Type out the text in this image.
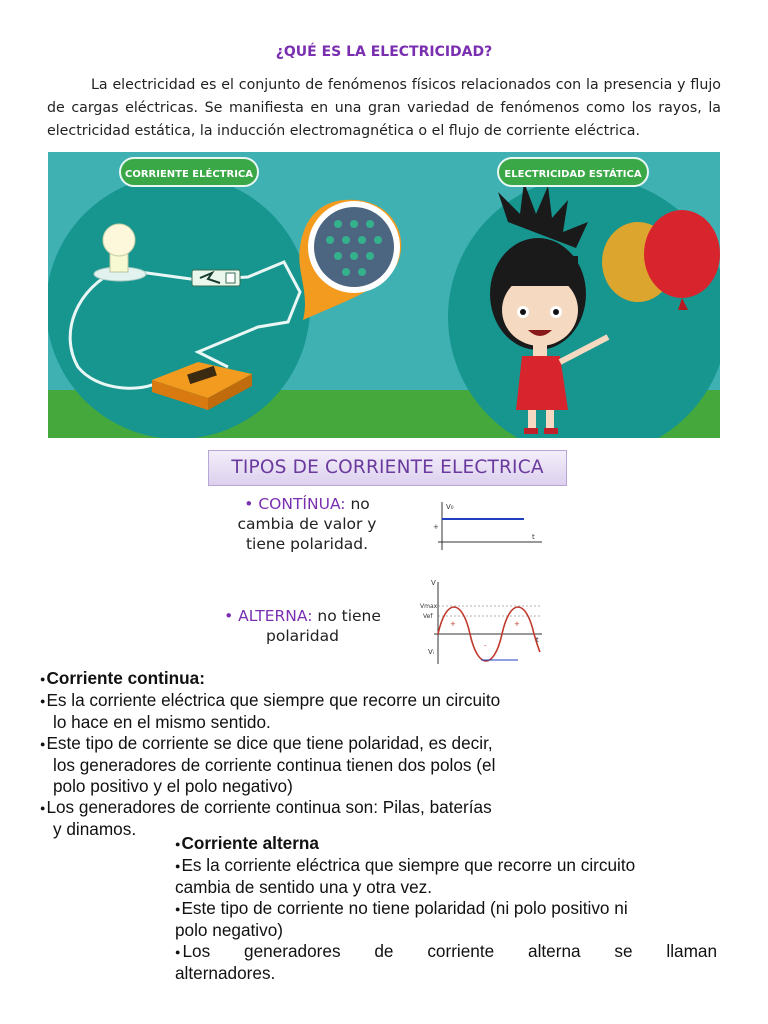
¿QUÉ ES LA ELECTRICIDAD?
La electricidad es el conjunto de fenómenos físicos relacionados con la presencia y flujo de cargas eléctricas. Se manifiesta en una gran variedad de fenómenos como los rayos, la electricidad estática, la inducción electromagnética o el flujo de corriente eléctrica.
CORRIENTE ELÉCTRICA	ELECTRICIDAD ESTÁTICA
TIPOS DE CORRIENTE ELECTRICA
• CONTÍNUA: no
cambia de valor y
tiene polaridad.
• ALTERNA: no tiene
polaridad
V₀
+
t
V
Vmax
Vef
Vᵢ
t
+	+
-
●Corriente continua:
●Es la corriente eléctrica que siempre que recorre un circuito
lo hace en el mismo sentido.
●Este tipo de corriente se dice que tiene polaridad, es decir,
los generadores de corriente continua tienen dos polos (el
polo positivo y el polo negativo)
●Los generadores de corriente continua son: Pilas, baterías
y dinamos.
●Corriente alterna
●Es la corriente eléctrica que siempre que recorre un circuito
cambia de sentido una y otra vez.
●Este tipo de corriente no tiene polaridad (ni polo positivo ni
polo negativo)
●Los generadores de corriente alterna se llaman
alternadores.
